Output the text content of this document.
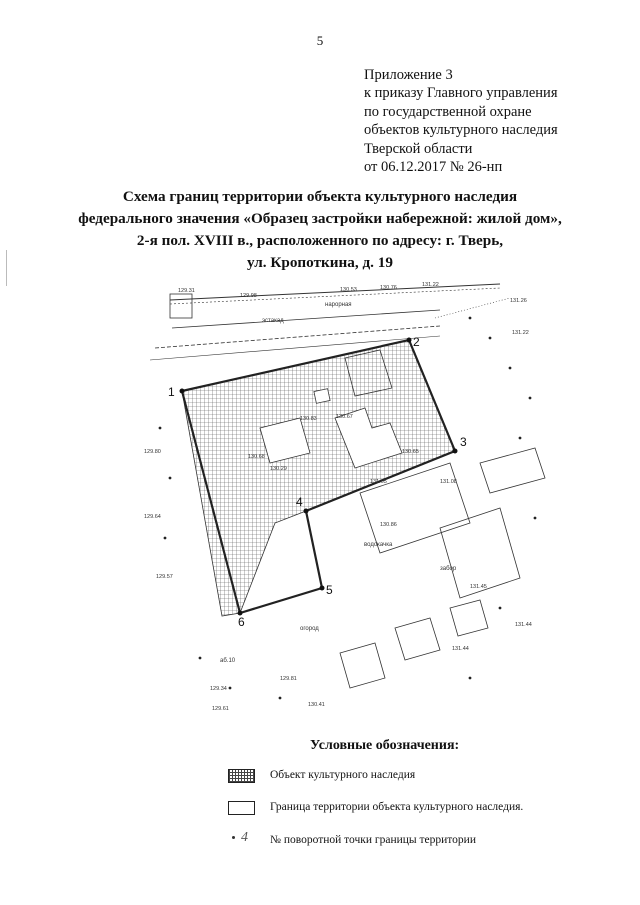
5
Приложение 3
к приказу Главного управления
по государственной охране
объектов культурного наследия
Тверской области
от 06.12.2017 № 26-нп
Схема границ территории объекта культурного наследия
федерального значения «Образец застройки набережной: жилой дом»,
2-я пол. XVIII в., расположенного по адресу: г. Тверь,
ул. Кропоткина, д. 19
1
2
3
4
5
6
129.31
129.98
130.53	130.76	131.22
131.26
131.22
129.80
129.64
129.57
130.83	130.67
130.68
130.29
130.65
131.05	131.08
130.86
131.45
131.44
131.44
129.81
129.34
130.41
129.61
нарорная
эстакад
огород
водокачка
забор
аб.10
Условные обозначения:
Объект культурного наследия
Граница территории объекта культурного наследия.
4 № поворотной точки границы территории
